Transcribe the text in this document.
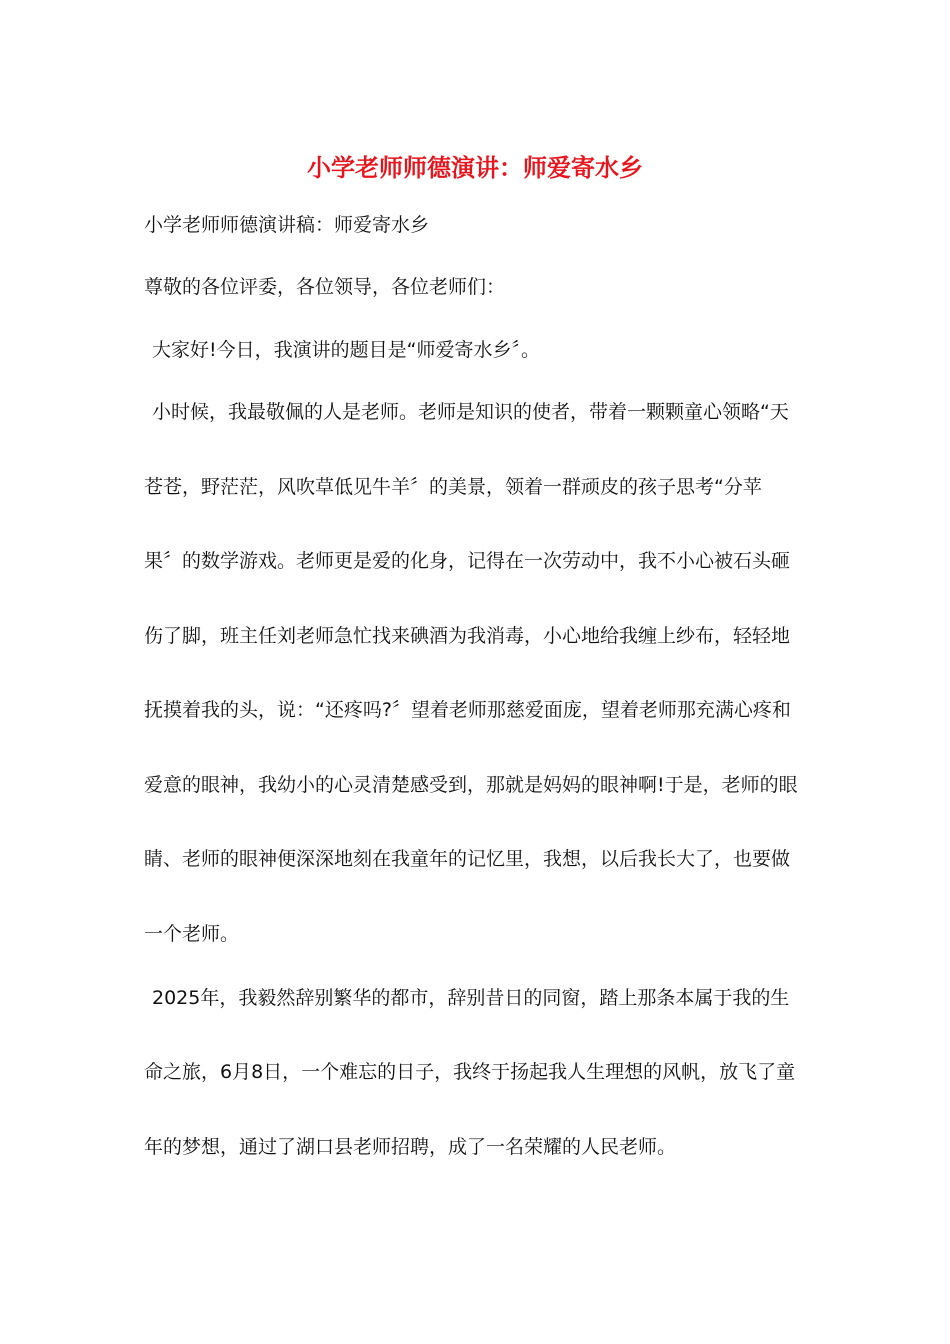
小学老师师德演讲：师爱寄水乡

小学老师师德演讲稿：师爱寄水乡

尊敬的各位评委，各位领导，各位老师们：

大家好!今日，我演讲的题目是“师爱寄水乡〞。

小时候，我最敬佩的人是老师。老师是知识的使者，带着一颗颗童心领略“天

苍苍，野茫茫，风吹草低见牛羊〞的美景，领着一群顽皮的孩子思考“分苹

果〞的数学游戏。老师更是爱的化身，记得在一次劳动中，我不小心被石头砸

伤了脚，班主任刘老师急忙找来碘酒为我消毒，小心地给我缠上纱布，轻轻地

抚摸着我的头，说：“还疼吗?〞望着老师那慈爱面庞，望着老师那充满心疼和

爱意的眼神，我幼小的心灵清楚感受到，那就是妈妈的眼神啊!于是，老师的眼

睛、老师的眼神便深深地刻在我童年的记忆里，我想，以后我长大了，也要做

一个老师。

2025年，我毅然辞别繁华的都市，辞别昔日的同窗，踏上那条本属于我的生

命之旅，6月8日，一个难忘的日子，我终于扬起我人生理想的风帆，放飞了童

年的梦想，通过了湖口县老师招聘，成了一名荣耀的人民老师。
